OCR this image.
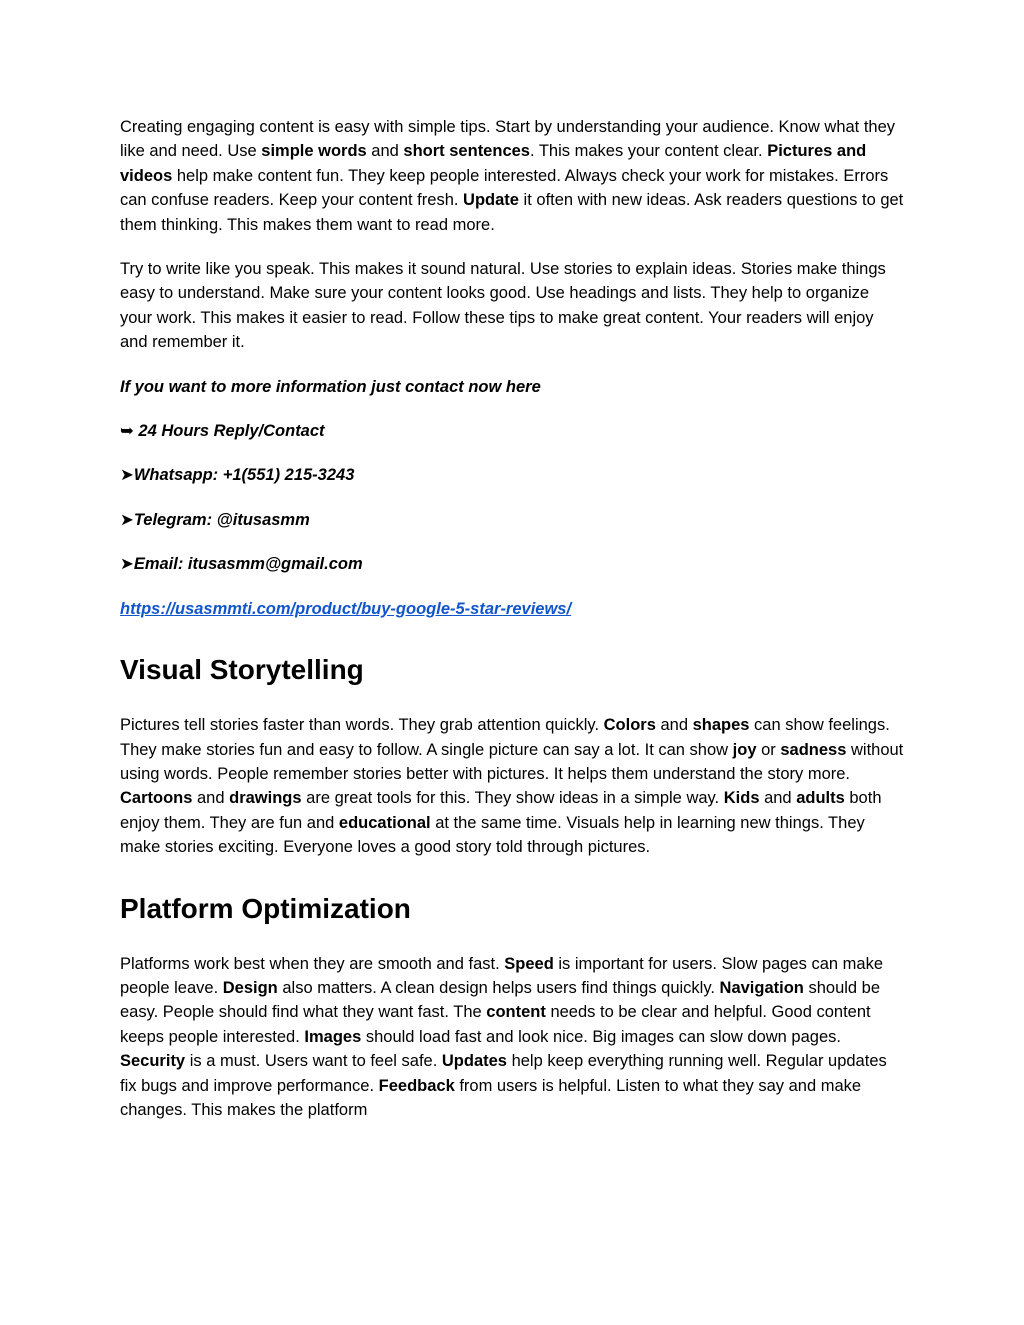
Creating engaging content is easy with simple tips. Start by understanding your audience. Know what they like and need. Use simple words and short sentences. This makes your content clear. Pictures and videos help make content fun. They keep people interested. Always check your work for mistakes. Errors can confuse readers. Keep your content fresh. Update it often with new ideas. Ask readers questions to get them thinking. This makes them want to read more.

Try to write like you speak. This makes it sound natural. Use stories to explain ideas. Stories make things easy to understand. Make sure your content looks good. Use headings and lists. They help to organize your work. This makes it easier to read. Follow these tips to make great content. Your readers will enjoy and remember it.

If you want to more information just contact now here

➥ 24 Hours Reply/Contact

➤Whatsapp: +1(551) 215-3243

➤Telegram: @itusasmm

➤Email: itusasmm@gmail.com

https://usasmmti.com/product/buy-google-5-star-reviews/

Visual Storytelling

Pictures tell stories faster than words. They grab attention quickly. Colors and shapes can show feelings. They make stories fun and easy to follow. A single picture can say a lot. It can show joy or sadness without using words. People remember stories better with pictures. It helps them understand the story more. Cartoons and drawings are great tools for this. They show ideas in a simple way. Kids and adults both enjoy them. They are fun and educational at the same time. Visuals help in learning new things. They make stories exciting. Everyone loves a good story told through pictures.

Platform Optimization

Platforms work best when they are smooth and fast. Speed is important for users. Slow pages can make people leave. Design also matters. A clean design helps users find things quickly. Navigation should be easy. People should find what they want fast. The content needs to be clear and helpful. Good content keeps people interested. Images should load fast and look nice. Big images can slow down pages. Security is a must. Users want to feel safe. Updates help keep everything running well. Regular updates fix bugs and improve performance. Feedback from users is helpful. Listen to what they say and make changes. This makes the platform
